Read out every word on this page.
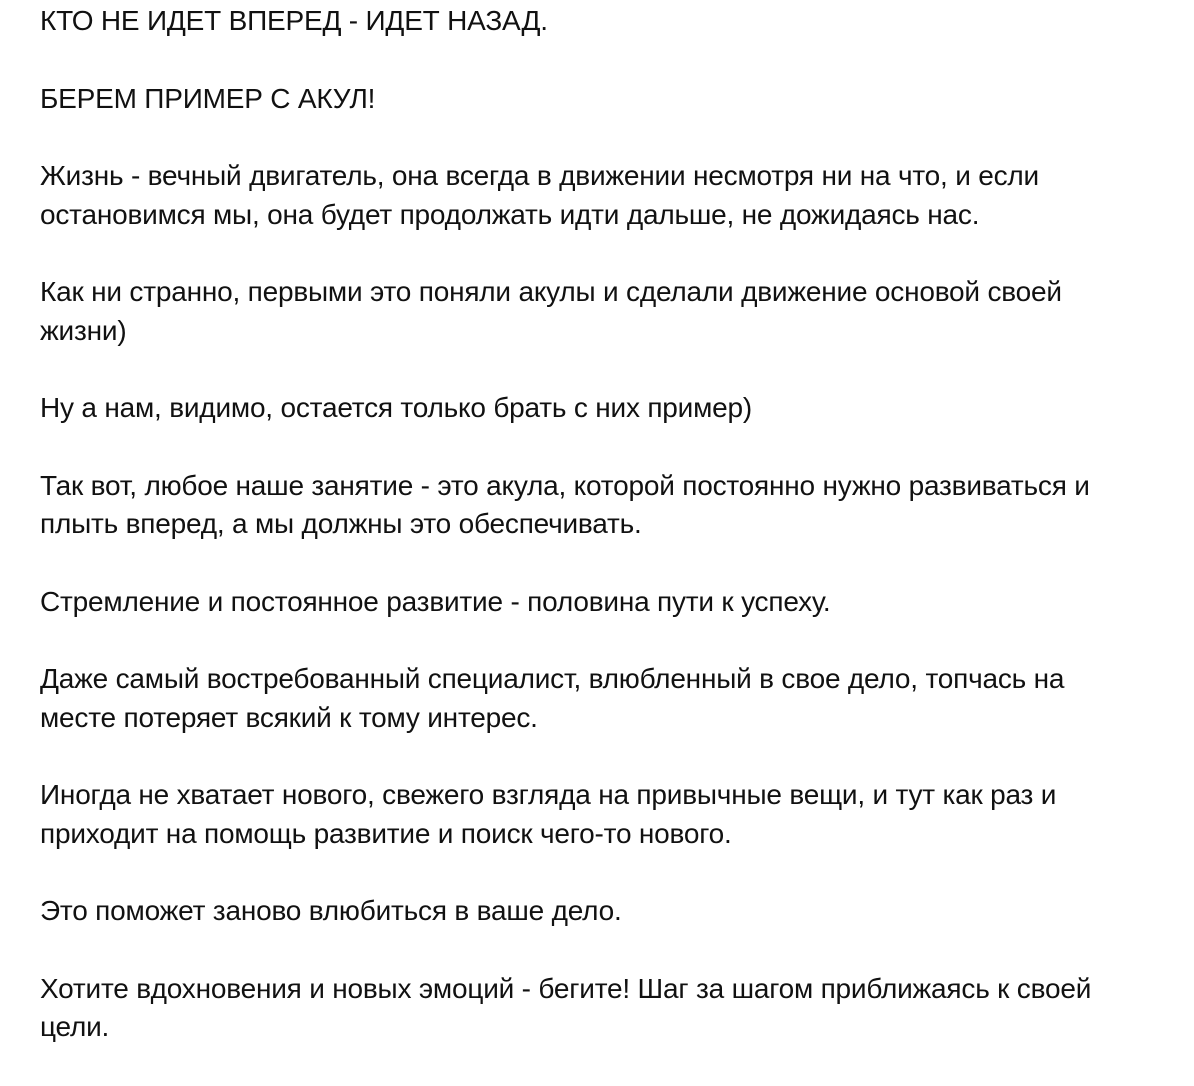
КТО НЕ ИДЕТ ВПЕРЕД - ИДЕТ НАЗАД.

БЕРЕМ ПРИМЕР С АКУЛ!

Жизнь - вечный двигатель, она всегда в движении несмотря ни на что, и если
остановимся мы, она будет продолжать идти дальше, не дожидаясь нас.

Как ни странно, первыми это поняли акулы и сделали движение основой своей
жизни)

Ну а нам, видимо, остается только брать с них пример)

Так вот, любое наше занятие - это акула, которой постоянно нужно развиваться и
плыть вперед, а мы должны это обеспечивать.

Стремление и постоянное развитие - половина пути к успеху.

Даже самый востребованный специалист, влюбленный в свое дело, топчась на
месте потеряет всякий к тому интерес.

Иногда не хватает нового, свежего взгляда на привычные вещи, и тут как раз и
приходит на помощь развитие и поиск чего-то нового.

Это поможет заново влюбиться в ваше дело.

Хотите вдохновения и новых эмоций - бегите! Шаг за шагом приближаясь к своей
цели.
